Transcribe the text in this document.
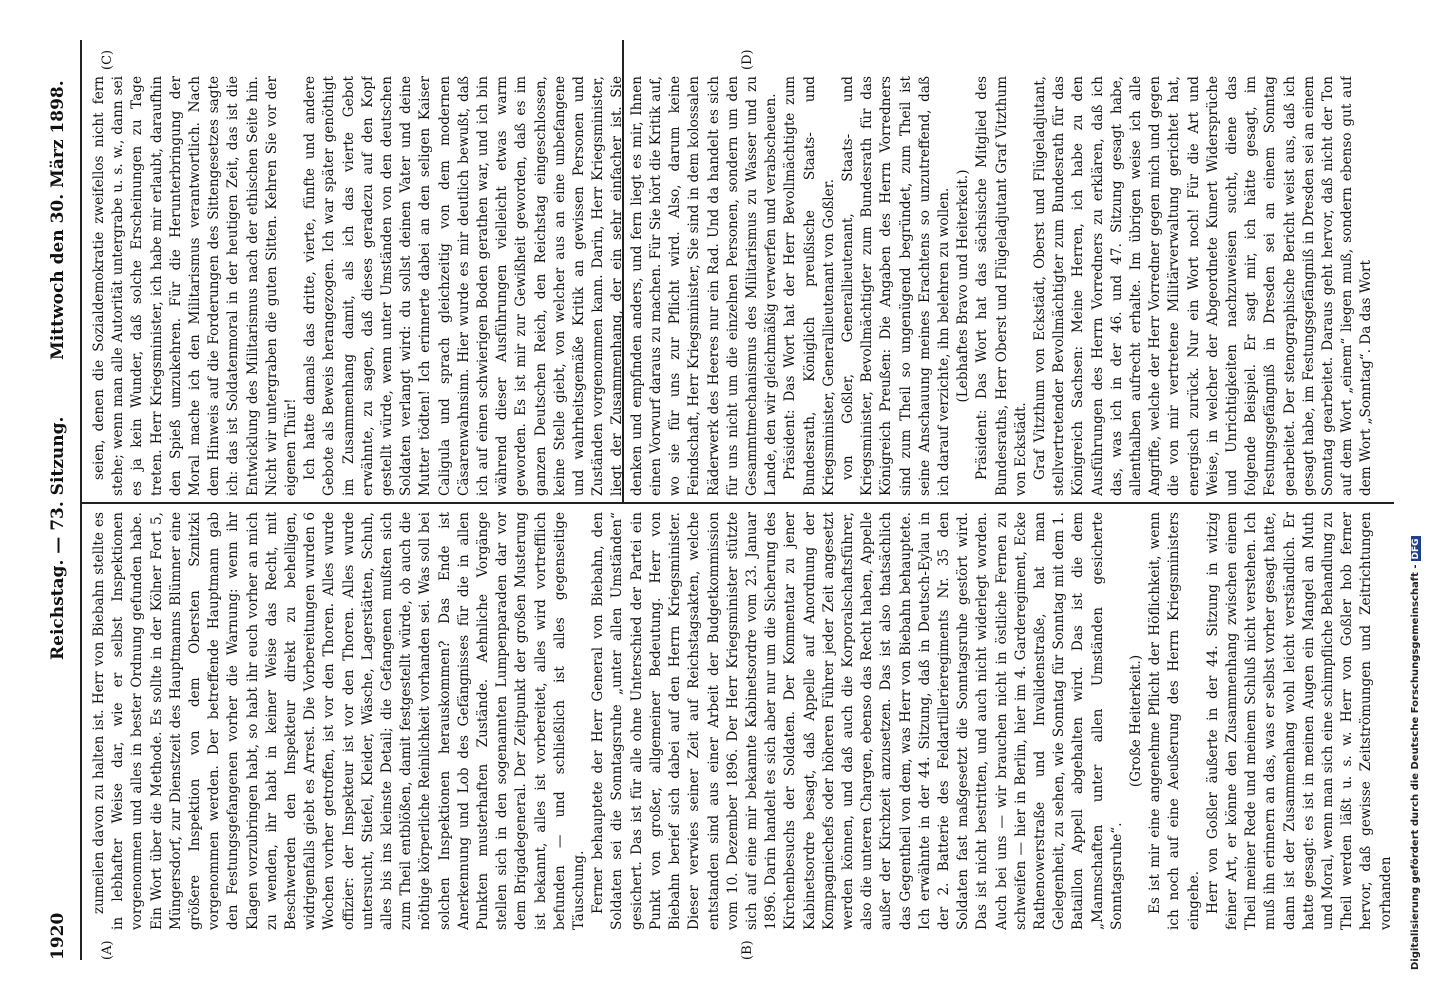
1920
Reichstag. — 73. Sitzung.
Mittwoch den 30. März 1898.
(A)	(B)
(C)	(D)

zumeilen davon zu halten ist. Herr von Biebahn stellte es in lebhafter Weise dar, wie er selbst Inspektionen vorgenommen und alles in bester Ordnung gefunden habe. Ein Wort über die Methode. Es sollte in der Kölner Fort 5, Müngersdorf, zur Dienstzeit des Hauptmanns Blümner eine größere Inspektion von dem Obersten Sznitzki vorgenommen werden. Der betreffende Hauptmann gab den Festungsgefangenen vorher die Warnung: wenn ihr Klagen vorzubringen habt, so habt ihr euch vorher an mich zu wenden, ihr habt in keiner Weise das Recht, mit Beschwerden den Inspekteur direkt zu behelligen, widrigenfalls giebt es Arrest. Die Vorbereitungen wurden 6 Wochen vorher getroffen, ist vor den Thoren. Alles wurde offizier: der Inspekteur ist vor den Thoren. Alles wurde untersucht, Stiefel, Kleider, Wäsche, Lagerstätten, Schuh, alles bis ins kleinste Detail; die Gefangenen mußten sich zum Theil entblößen, damit festgestellt würde, ob auch die nöthige körperliche Reinlichkeit vorhanden sei. Was soll bei solchen Inspektionen herauskommen? Das Ende ist Anerkennung und Lob des Gefängnisses für die in allen Punkten musterhaften Zustände. Aehnliche Vorgänge stellen sich in den sogenannten Lumpenparaden dar vor dem Brigadegeneral. Der Zeitpunkt der großen Musterung ist bekannt, alles ist vorbereitet, alles wird vortrefflich befunden — und schließlich ist alles gegenseitige Täuschung. Ferner behauptete der Herr General von Biebahn, den Soldaten sei die Sonntagsruhe „unter allen Umständen“ gesichert. Das ist für alle ohne Unterschied der Partei ein Punkt von großer, allgemeiner Bedeutung. Herr von Biebahn berief sich dabei auf den Herrn Kriegsminister. Dieser verwies seiner Zeit auf Reichstagsakten, welche entstanden sind aus einer Arbeit der Budgetkommission vom 10. Dezember 1896. Der Herr Kriegsminister stützte sich auf eine mir bekannte Kabinetsordre vom 23. Januar 1896. Darin handelt es sich aber nur um die Sicherung des Kirchenbesuchs der Soldaten. Der Kommentar zu jener Kabinetsordre besagt, daß Appelle auf Anordnung der Kompagniechefs oder höheren Führer jeder Zeit angesetzt werden können, und daß auch die Korporalschaftsführer, also die unteren Chargen, ebenso das Recht haben, Appelle außer der Kirchzeit anzusetzen. Das ist also thatsächlich das Gegentheil von dem, was Herr von Biebahn behauptete. Ich erwähnte in der 44. Sitzung, daß in Deutsch-Eylau in der 2. Batterie des Feldartillerieregiments Nr. 35 den Soldaten fast maßgesetzt die Sonntagsruhe gestört wird. Das ist nicht bestritten, und auch nicht widerlegt worden. Auch bei uns — wir brauchen nicht in östliche Fernen zu schweifen — hier in Berlin, hier im 4. Garderegiment, Ecke Rathenowerstraße und Invalidenstraße, hat man Gelegenheit, zu sehen, wie Sonntag für Sonntag mit dem 1. Bataillon Appell abgehalten wird. Das ist die dem „Mannschaften unter allen Umständen gesicherte Sonntagsruhe“.

(Große Heiterkeit.) Es ist mir eine angenehme Pflicht der Höflichkeit, wenn ich noch auf eine Aeußerung des Herrn Kriegsministers eingehe. Herr von Goßler äußerte in der 44. Sitzung in witzig feiner Art, er könne den Zusammenhang zwischen einem Theil meiner Rede und meinem Schluß nicht verstehen. Ich muß ihn erinnern an das, was er selbst vorher gesagt hatte, dann ist der Zusammenhang wohl leicht verständlich. Er hatte gesagt: es ist in meinen Augen ein Mangel an Muth und Moral, wenn man sich eine schimpfliche Behandlung zu Theil werden läßt u. s. w. Herr von Goßler hob ferner hervor, daß gewisse Zeitströmungen und Zeitrichtungen vorhanden

seien, denen die Sozialdemokratie zweifellos nicht fern stehe; wenn man alle Autorität untergrabe u. s. w., dann sei es ja kein Wunder, daß solche Erscheinungen zu Tage treten. Herr Kriegsminister, ich habe mir erlaubt, daraufhin den Spieß umzukehren. Für die Herunterbringung der Moral mache ich den Militarismus verantwortlich. Nach dem Hinweis auf die Forderungen des Sittengesetzes sagte ich: das ist Soldatenmoral in der heutigen Zeit, das ist die Entwicklung des Militarismus nach der ethischen Seite hin. Nicht wir untergraben die guten Sitten. Kehren Sie vor der eigenen Thür! Ich hatte damals das dritte, vierte, fünfte und andere Gebote als Beweis herangezogen. Ich war später genöthigt im Zusammenhang damit, als ich das vierte Gebot erwähnte, zu sagen, daß dieses geradezu auf den Kopf gestellt würde, wenn unter Umständen von den deutschen Soldaten verlangt wird: du sollst deinen Vater und deine Mutter tödten! Ich erinnerte dabei an den seligen Kaiser Caligula und sprach gleichzeitig von dem modernen Cäsarenwahnsinn. Hier wurde es mir deutlich bewußt, daß ich auf einen schwierigen Boden gerathen war, und ich bin während dieser Ausführungen vielleicht etwas warm geworden. Es ist mir zur Gewißheit geworden, daß es im ganzen Deutschen Reich, den Reichstag eingeschlossen, keine Stelle giebt, von welcher aus an eine unbefangene und wahrheitsgemäße Kritik an gewissen Personen und Zuständen vorgenommen kann. Darin, Herr Kriegsminister, liegt der Zusammenhang, der ein sehr einfacher ist. Sie denken und empfinden anders, und fern liegt es mir, Ihnen einen Vorwurf daraus zu machen. Für Sie hört die Kritik auf, wo sie für uns zur Pflicht wird. Also, darum keine Feindschaft, Herr Kriegsminister, Sie sind in dem kolossalen Räderwerk des Heeres nur ein Rad. Und da handelt es sich für uns nicht um die einzelnen Personen, sondern um den Gesammtmechanismus des Militarismus zu Wasser und zu Lande, den wir gleichmäßig verwerfen und verabscheuen. Präsident: Das Wort hat der Herr Bevollmächtigte zum Bundesrath, Königlich preußische Staats- und Kriegsminister, Generallieutenant von Goßler. von Goßler, Generallieutenant, Staats- und Kriegsminister, Bevollmächtigter zum Bundesrath für das Königreich Preußen: Die Angaben des Herrn Vorredners sind zum Theil so ungenügend begründet, zum Theil ist seine Anschauung meines Erachtens so unzutreffend, daß ich darauf verzichte, ihn belehren zu wollen. (Lebhaftes Bravo und Heiterkeit.) Präsident: Das Wort hat das sächsische Mitglied des Bundesraths, Herr Oberst und Flügeladjutant Graf Vitzthum von Eckstädt. Graf Vitzthum von Eckstädt, Oberst und Flügeladjutant, stellvertretender Bevollmächtigter zum Bundesrath für das Königreich Sachsen: Meine Herren, ich habe zu den Ausführungen des Herrn Vorredners zu erklären, daß ich das, was ich in der 46. und 47. Sitzung gesagt habe, allenthalben aufrecht erhalte. Im übrigen weise ich alle Angriffe, welche der Herr Vorredner gegen mich und gegen die von mir vertretene Militärverwaltung gerichtet hat, energisch zurück. Nur ein Wort noch! Für die Art und Weise, in welcher der Abgeordnete Kunert Widersprüche und Unrichtigkeiten nachzuweisen sucht, diene das folgende Beispiel. Er sagt mir, ich hätte gesagt, im Festungsgefängniß in Dresden sei an einem Sonntag gearbeitet. Der stenographische Bericht weist aus, daß ich gesagt habe, im Festungsgefängniß in Dresden sei an einem Sonntag gearbeitet. Daraus geht hervor, daß nicht der Ton auf dem Wort „einem“ liegen muß, sondern ebenso gut auf dem Wort „Sonntag“. Da das Wort

Digitalisierung gefördert durch die Deutsche Forschungsgemeinschaft -DFG
